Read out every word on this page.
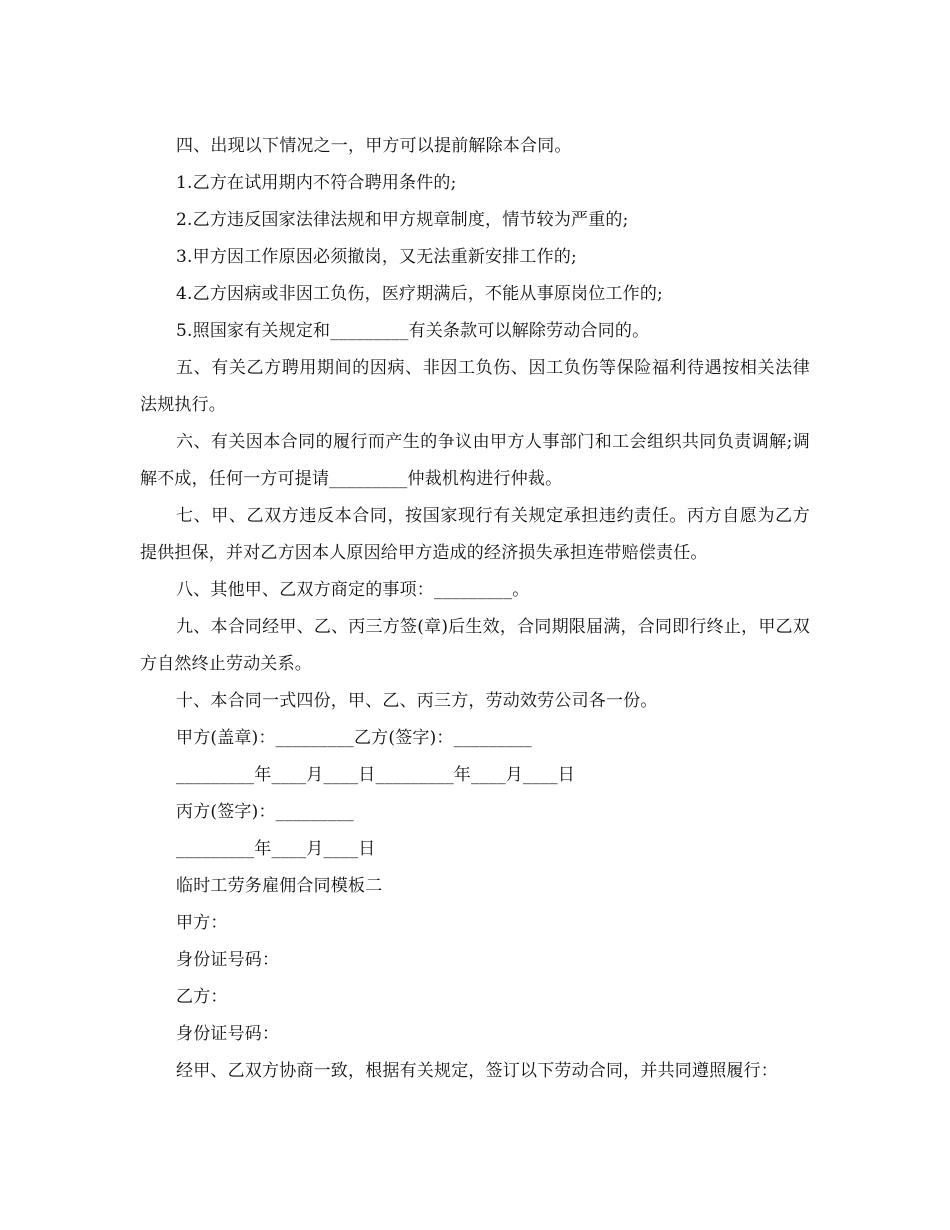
四、出现以下情况之一，甲方可以提前解除本合同。

1.乙方在试用期内不符合聘用条件的;

2.乙方违反国家法律法规和甲方规章制度，情节较为严重的;

3.甲方因工作原因必须撤岗，又无法重新安排工作的;

4.乙方因病或非因工负伤，医疗期满后，不能从事原岗位工作的;

5.照国家有关规定和_________有关条款可以解除劳动合同的。

五、有关乙方聘用期间的因病、非因工负伤、因工负伤等保险福利待遇按相关法律法规执行。

六、有关因本合同的履行而产生的争议由甲方人事部门和工会组织共同负责调解;调解不成，任何一方可提请_________仲裁机构进行仲裁。

七、甲、乙双方违反本合同，按国家现行有关规定承担违约责任。丙方自愿为乙方提供担保，并对乙方因本人原因给甲方造成的经济损失承担连带赔偿责任。

八、其他甲、乙双方商定的事项：_________。

九、本合同经甲、乙、丙三方签(章)后生效，合同期限届满，合同即行终止，甲乙双方自然终止劳动关系。

十、本合同一式四份，甲、乙、丙三方，劳动效劳公司各一份。

甲方(盖章)：_________乙方(签字)：_________

_________年____月____日_________年____月____日

丙方(签字)：_________

_________年____月____日

临时工劳务雇佣合同模板二

甲方：

身份证号码：

乙方：

身份证号码：

经甲、乙双方协商一致，根据有关规定，签订以下劳动合同，并共同遵照履行：
